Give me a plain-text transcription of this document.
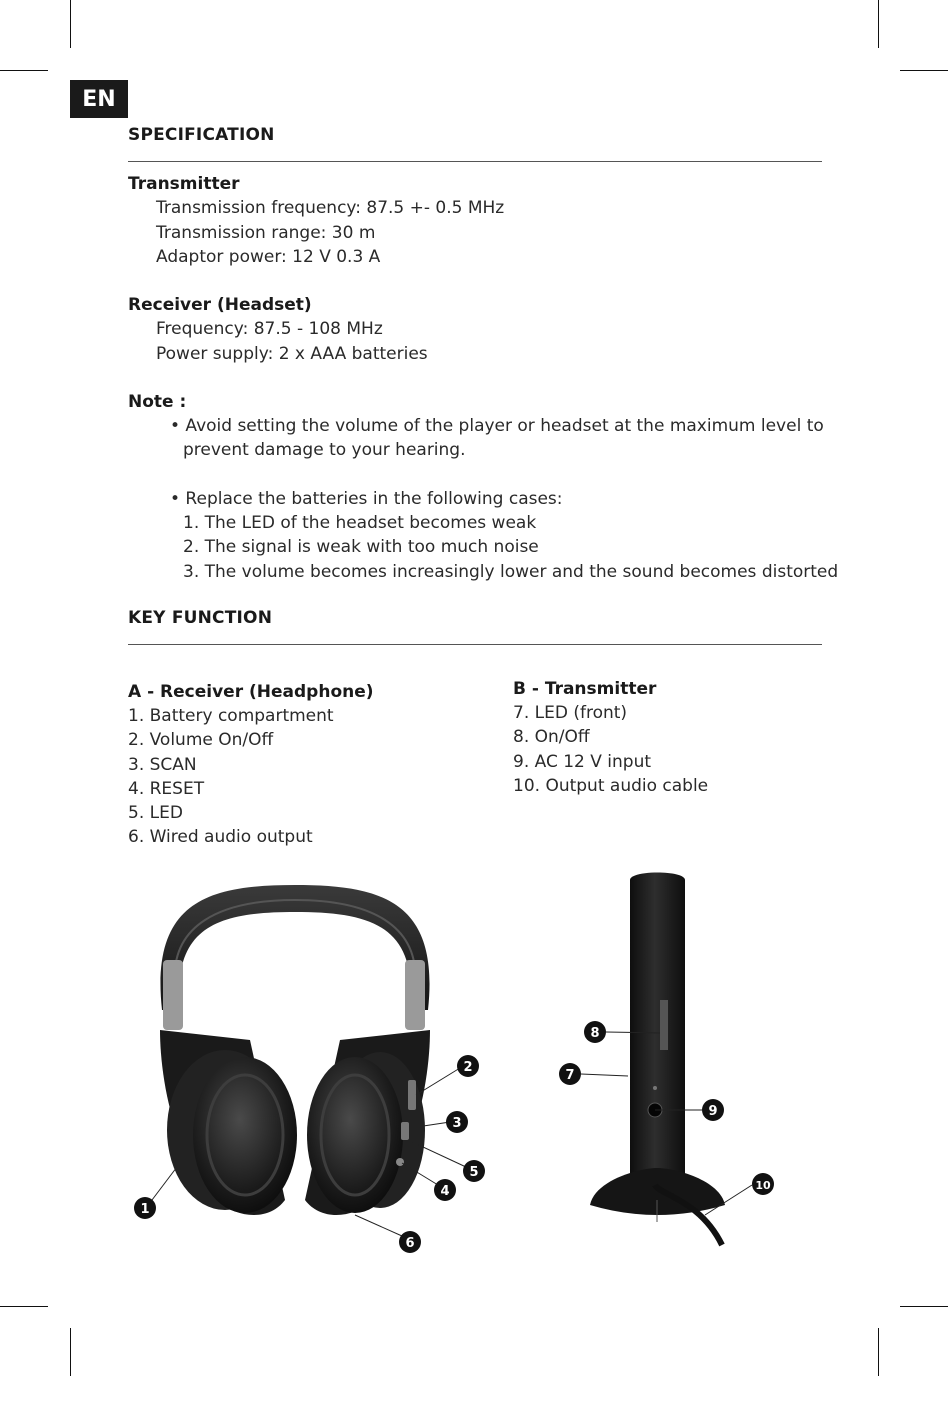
EN
SPECIFICATION
Transmitter
Transmission frequency: 87.5 +- 0.5 MHz
Transmission range: 30 m
Adaptor power: 12 V 0.3 A
Receiver (Headset)
Frequency: 87.5 - 108 MHz
Power supply: 2 x AAA batteries
Note :
• Avoid setting the volume of the player or headset at the maximum level to
prevent damage to your hearing.
• Replace the batteries in the following cases:
1. The LED of the headset becomes weak
2. The signal is weak with too much noise
3. The volume becomes increasingly lower and the sound becomes distorted
KEY FUNCTION
A - Receiver (Headphone)
1. Battery compartment
2. Volume On/Off
3. SCAN
4. RESET
5. LED
6. Wired audio output
B - Transmitter
7. LED (front)
8. On/Off
9. AC 12 V input
10. Output audio cable
1
2
3
4
5
6
7
8
9
10
